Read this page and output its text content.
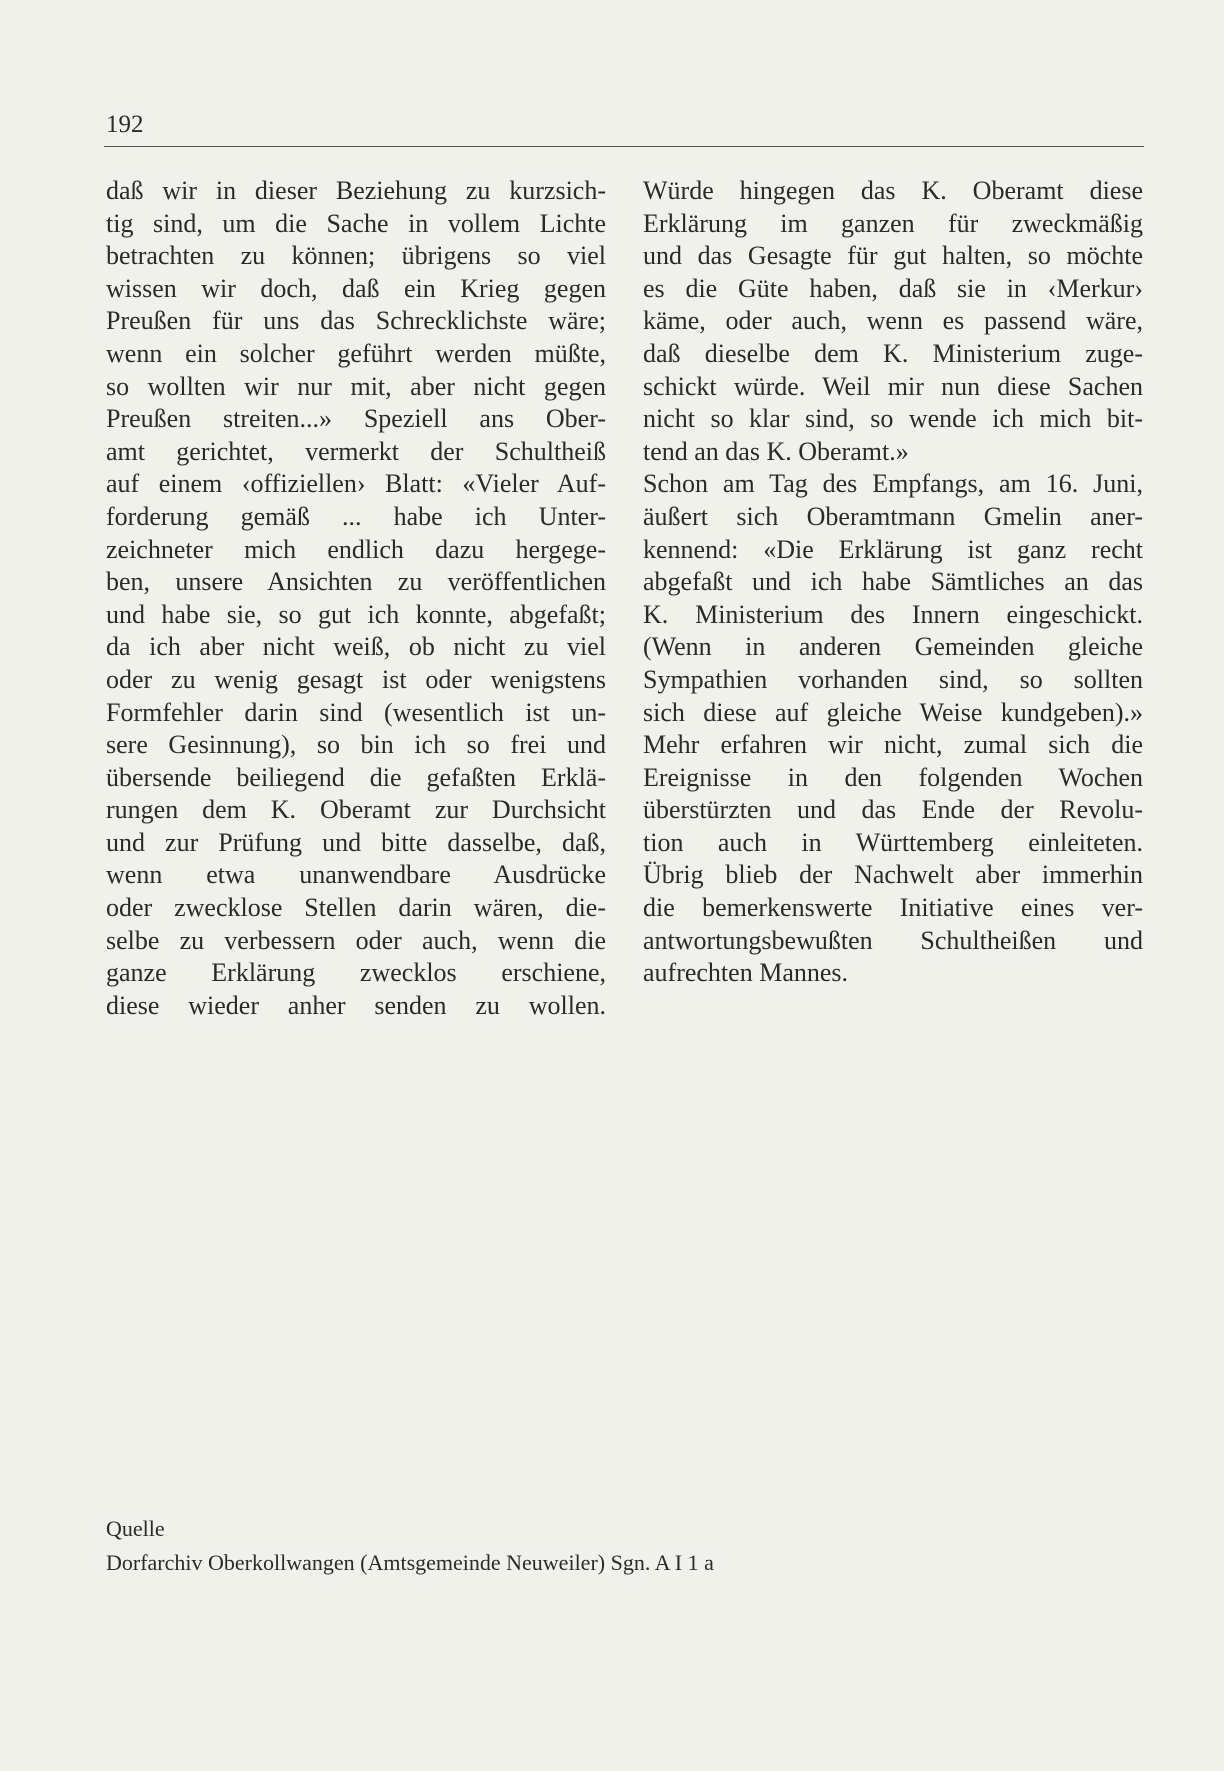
192
daß wir in dieser Beziehung zu kurzsich-
tig sind, um die Sache in vollem Lichte
betrachten zu können; übrigens so viel
wissen wir doch, daß ein Krieg gegen
Preußen für uns das Schrecklichste wäre;
wenn ein solcher geführt werden müßte,
so wollten wir nur mit, aber nicht gegen
Preußen streiten...» Speziell ans Ober-
amt gerichtet, vermerkt der Schultheiß
auf einem ‹offiziellen› Blatt: «Vieler Auf-
forderung gemäß ... habe ich Unter-
zeichneter mich endlich dazu hergege-
ben, unsere Ansichten zu veröffentlichen
und habe sie, so gut ich konnte, abgefaßt;
da ich aber nicht weiß, ob nicht zu viel
oder zu wenig gesagt ist oder wenigstens
Formfehler darin sind (wesentlich ist un-
sere Gesinnung), so bin ich so frei und
übersende beiliegend die gefaßten Erklä-
rungen dem K. Oberamt zur Durchsicht
und zur Prüfung und bitte dasselbe, daß,
wenn etwa unanwendbare Ausdrücke
oder zwecklose Stellen darin wären, die-
selbe zu verbessern oder auch, wenn die
ganze Erklärung zwecklos erschiene,
diese wieder anher senden zu wollen.
Würde hingegen das K. Oberamt diese
Erklärung im ganzen für zweckmäßig
und das Gesagte für gut halten, so möchte
es die Güte haben, daß sie in ‹Merkur›
käme, oder auch, wenn es passend wäre,
daß dieselbe dem K. Ministerium zuge-
schickt würde. Weil mir nun diese Sachen
nicht so klar sind, so wende ich mich bit-
tend an das K. Oberamt.»
Schon am Tag des Empfangs, am 16. Juni,
äußert sich Oberamtmann Gmelin aner-
kennend: «Die Erklärung ist ganz recht
abgefaßt und ich habe Sämtliches an das
K. Ministerium des Innern eingeschickt.
(Wenn in anderen Gemeinden gleiche
Sympathien vorhanden sind, so sollten
sich diese auf gleiche Weise kundgeben).»
Mehr erfahren wir nicht, zumal sich die
Ereignisse in den folgenden Wochen
überstürzten und das Ende der Revolu-
tion auch in Württemberg einleiteten.
Übrig blieb der Nachwelt aber immerhin
die bemerkenswerte Initiative eines ver-
antwortungsbewußten Schultheißen und
aufrechten Mannes.
Quelle
Dorfarchiv Oberkollwangen (Amtsgemeinde Neuweiler) Sgn. A I 1 a
